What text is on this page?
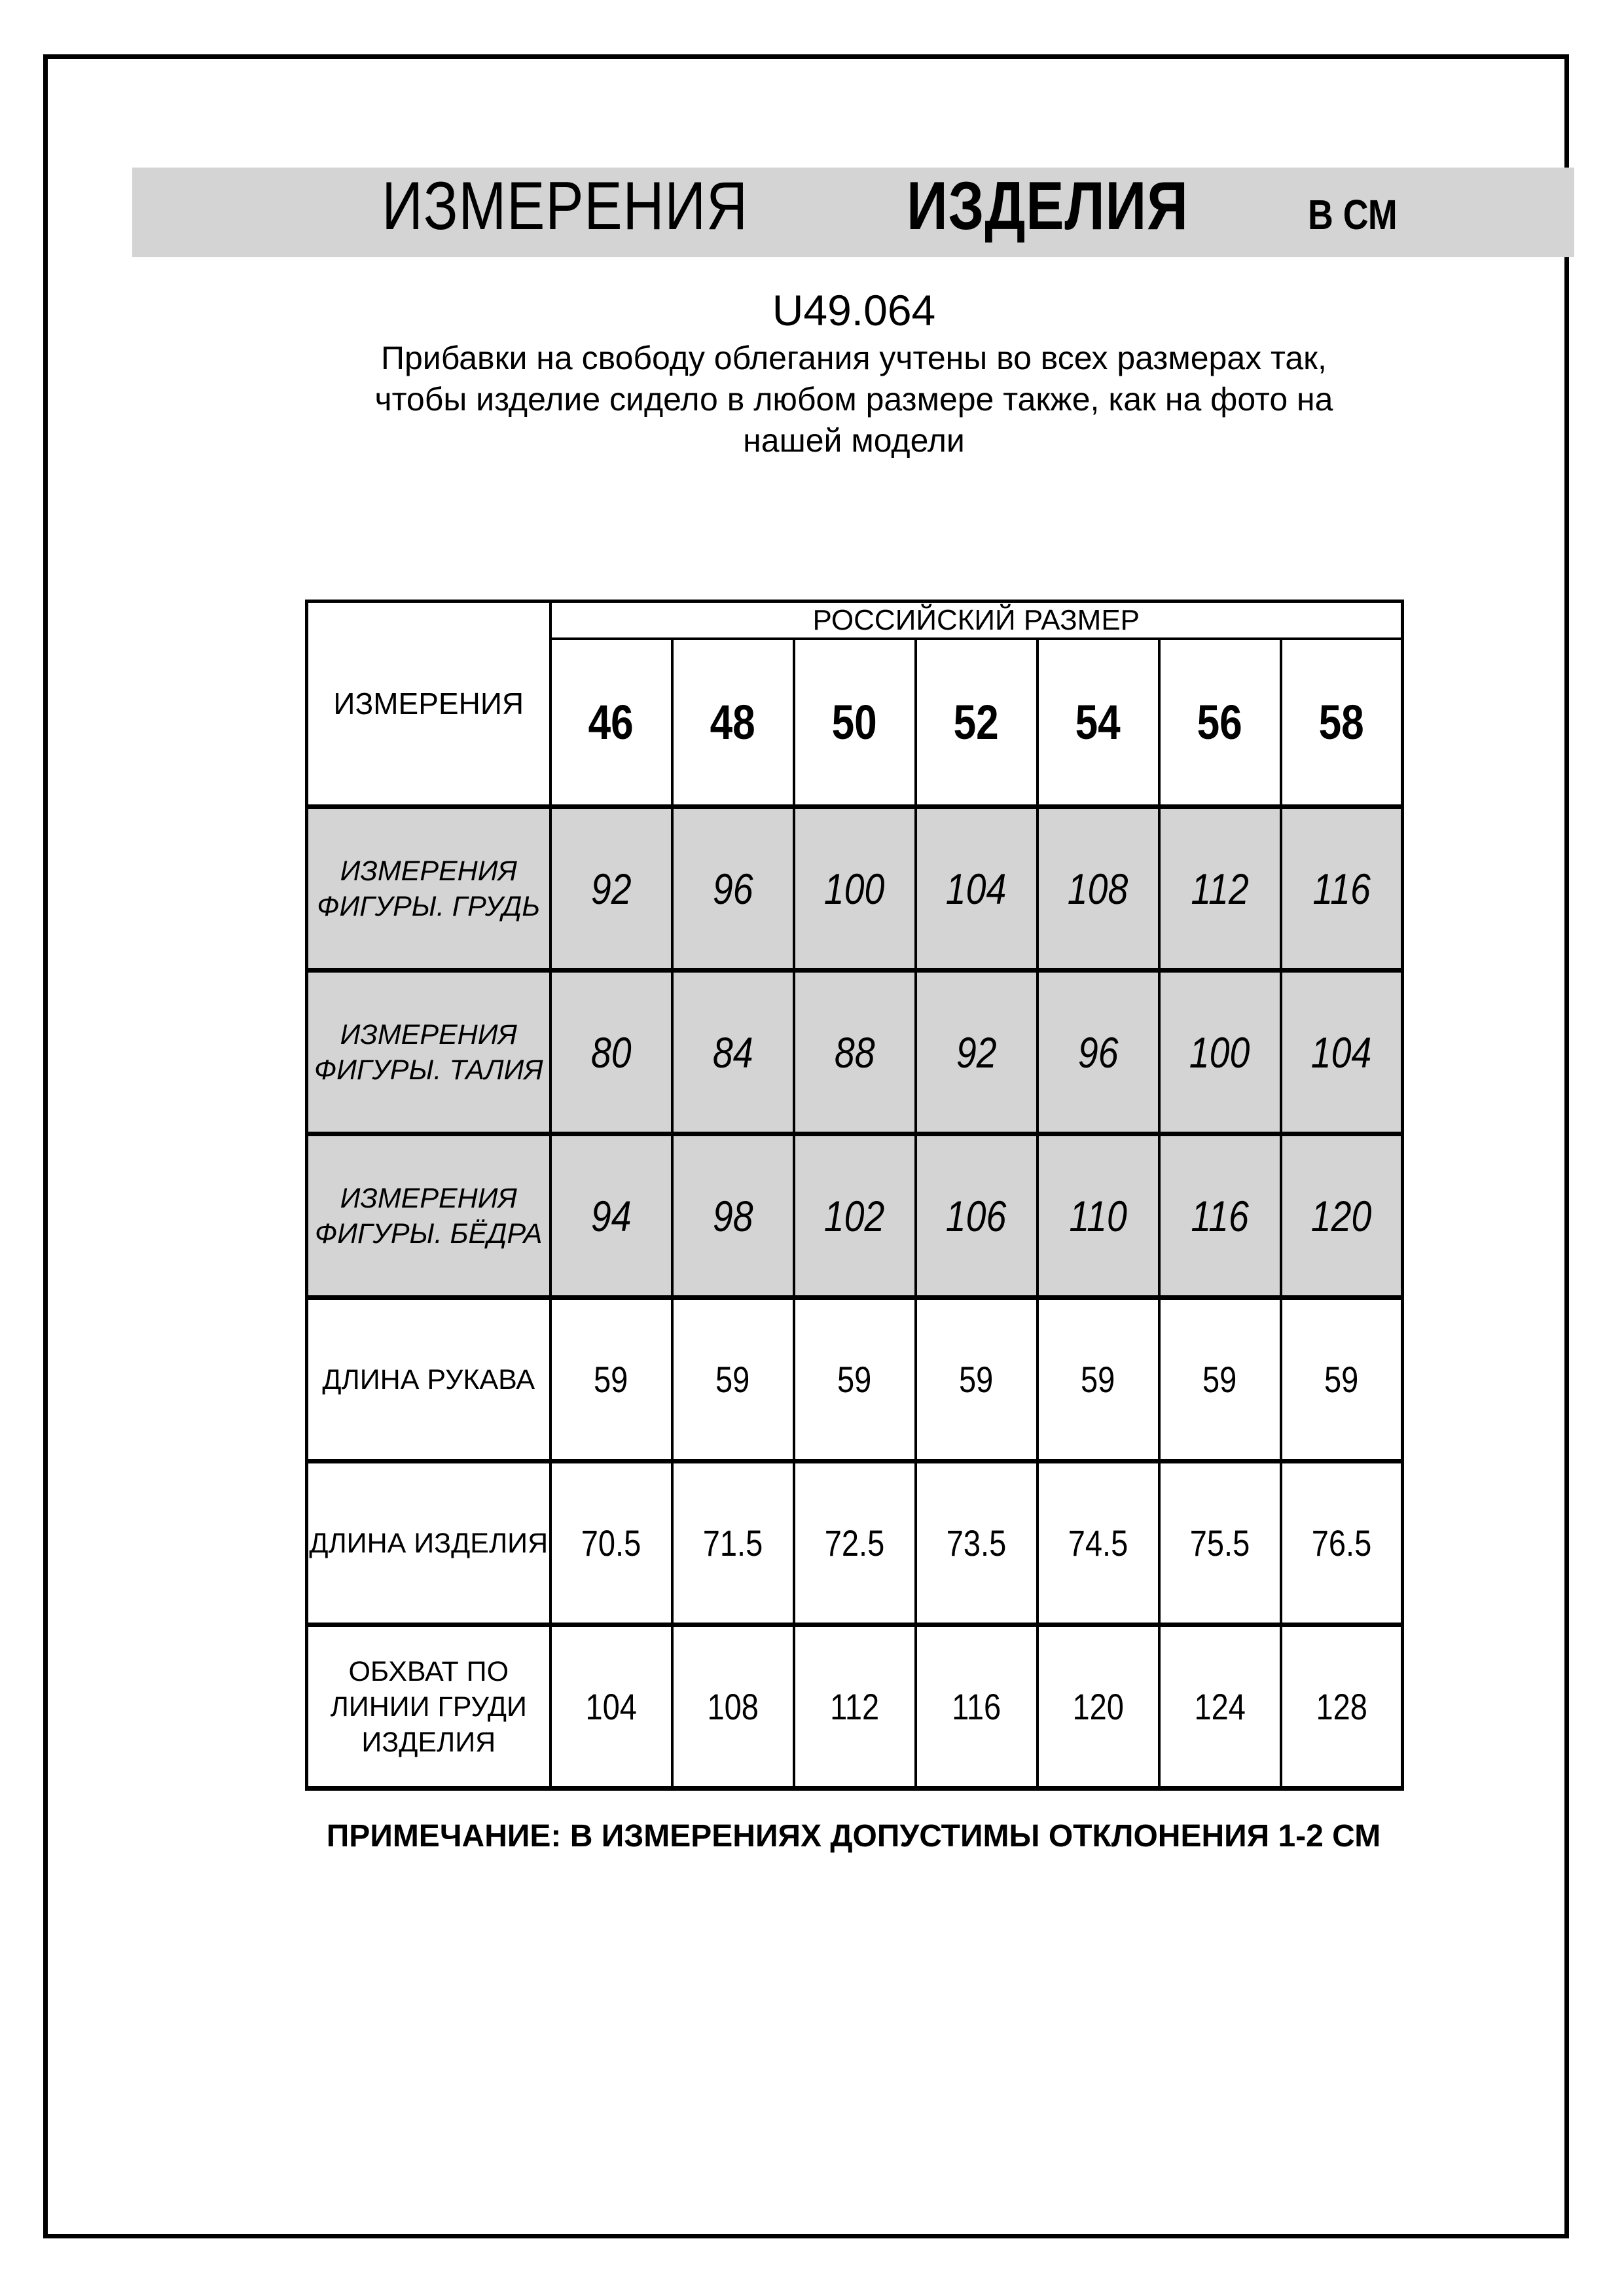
ИЗМЕРЕНИЯ ИЗДЕЛИЯ	В СМ
U49.064
Прибавки на свободу облегания учтены во всех размерах так,
чтобы изделие сидело в любом размере также, как на фото на
нашей модели
ИЗМЕРЕНИЯ	РОССИЙСКИЙ РАЗМЕР						
	46	48	50	52	54	56	58

ИЗМЕРЕНИЯ
ФИГУРЫ. ГРУДЬ	92	96	100	104	108	112	116

ИЗМЕРЕНИЯ
ФИГУРЫ. ТАЛИЯ	80	84	88	92	96	100	104

ИЗМЕРЕНИЯ
ФИГУРЫ. БЁДРА	94	98	102	106	110	116	120

ДЛИНА РУКАВА	59	59	59	59	59	59	59

ДЛИНА ИЗДЕЛИЯ	70.5	71.5	72.5	73.5	74.5	75.5	76.5

ОБХВАТ ПО
ЛИНИИ ГРУДИ
ИЗДЕЛИЯ	104	108	112	116	120	124	128
ПРИМЕЧАНИЕ: В ИЗМЕРЕНИЯХ ДОПУСТИМЫ ОТКЛОНЕНИЯ 1-2 СМ
